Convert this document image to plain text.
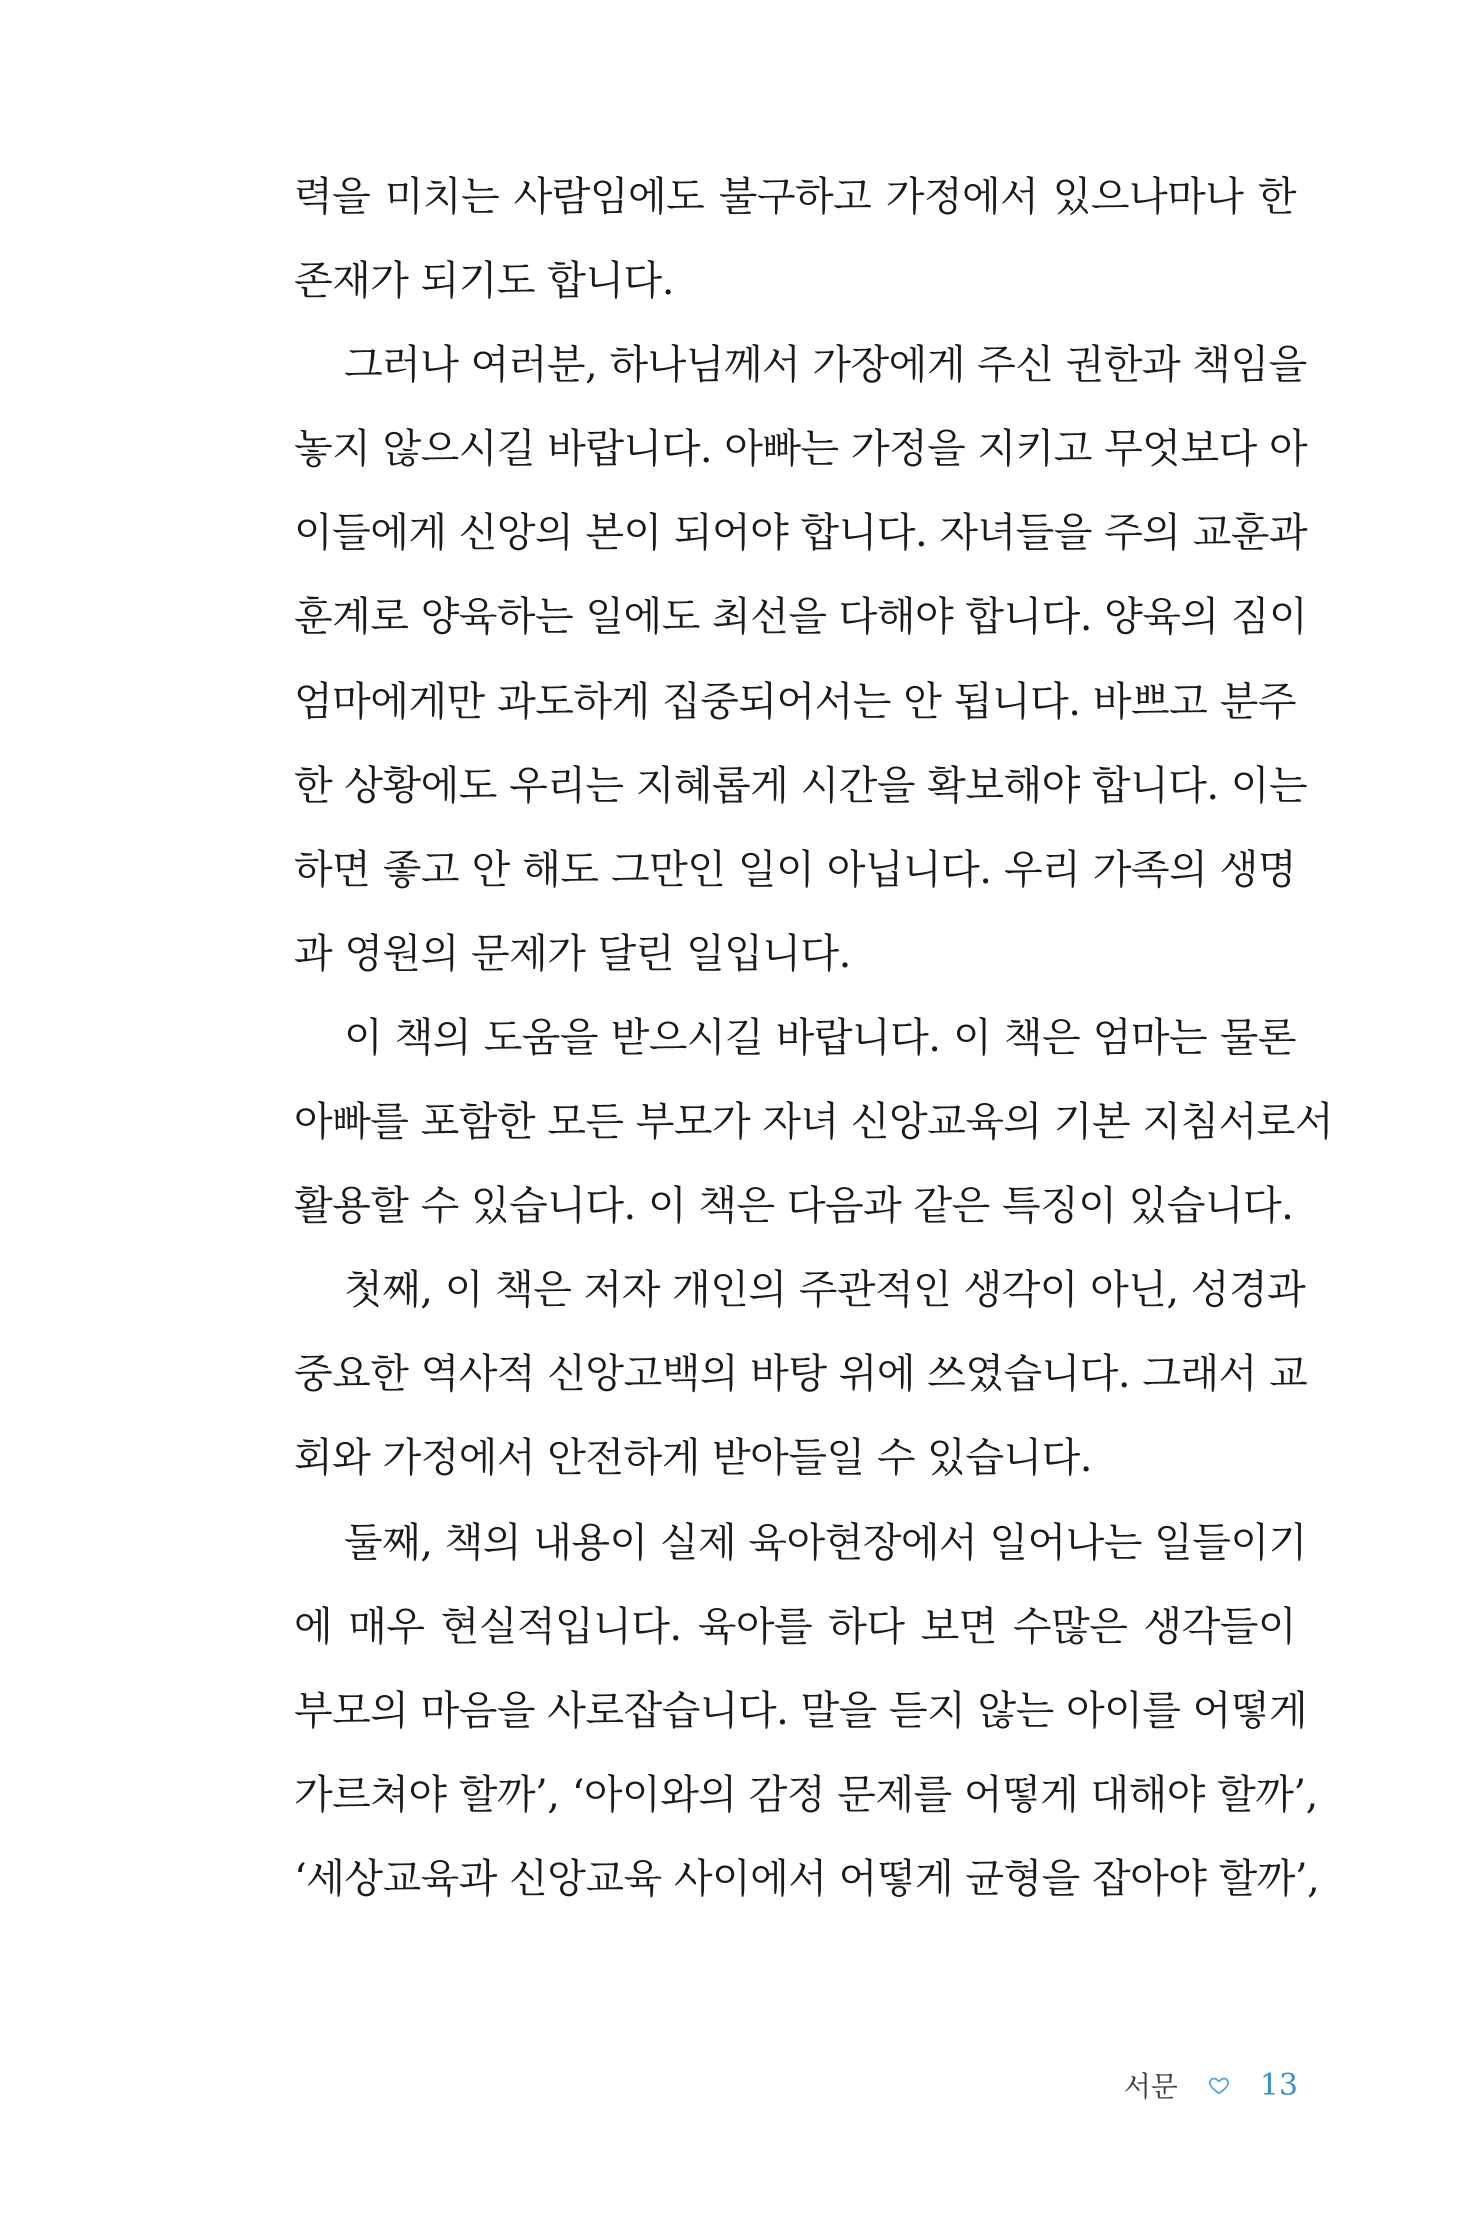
력을 미치는 사람임에도 불구하고 가정에서 있으나마나 한
존재가 되기도 합니다.
그러나 여러분, 하나님께서 가장에게 주신 권한과 책임을
놓지 않으시길 바랍니다. 아빠는 가정을 지키고 무엇보다 아
이들에게 신앙의 본이 되어야 합니다. 자녀들을 주의 교훈과
훈계로 양육하는 일에도 최선을 다해야 합니다. 양육의 짐이
엄마에게만 과도하게 집중되어서는 안 됩니다. 바쁘고 분주
한 상황에도 우리는 지혜롭게 시간을 확보해야 합니다. 이는
하면 좋고 안 해도 그만인 일이 아닙니다. 우리 가족의 생명
과 영원의 문제가 달린 일입니다.
이 책의 도움을 받으시길 바랍니다. 이 책은 엄마는 물론
아빠를 포함한 모든 부모가 자녀 신앙교육의 기본 지침서로서
활용할 수 있습니다. 이 책은 다음과 같은 특징이 있습니다.
첫째, 이 책은 저자 개인의 주관적인 생각이 아닌, 성경과
중요한 역사적 신앙고백의 바탕 위에 쓰였습니다. 그래서 교
회와 가정에서 안전하게 받아들일 수 있습니다.
둘째, 책의 내용이 실제 육아현장에서 일어나는 일들이기
에 매우 현실적입니다. 육아를 하다 보면 수많은 생각들이
부모의 마음을 사로잡습니다. 말을 듣지 않는 아이를 어떻게
가르쳐야 할까’, ‘아이와의 감정 문제를 어떻게 대해야 할까’,
‘세상교육과 신앙교육 사이에서 어떻게 균형을 잡아야 할까’,
서문	13
